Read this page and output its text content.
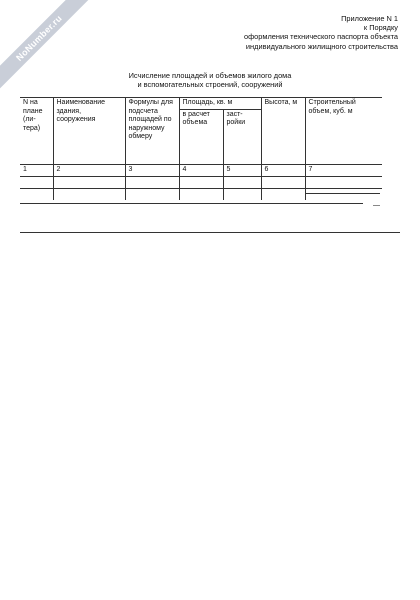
NoNumber.ru	Приложение N 1
к Порядку
оформления технического паспорта объекта
индивидуального жилищного строительства
Исчисление площадей и объемов жилого дома
и вспомогательных строений, сооружений
N на плане (ли-тера)	Наименование здания, сооружения	Формулы для подсчета площадей по наружному обмеру	Площадь, кв. м		Высота, м	Строительный объем, куб. м
			в расчет объема	заст-ройки		
1	2	3	4	5	6	7

—
